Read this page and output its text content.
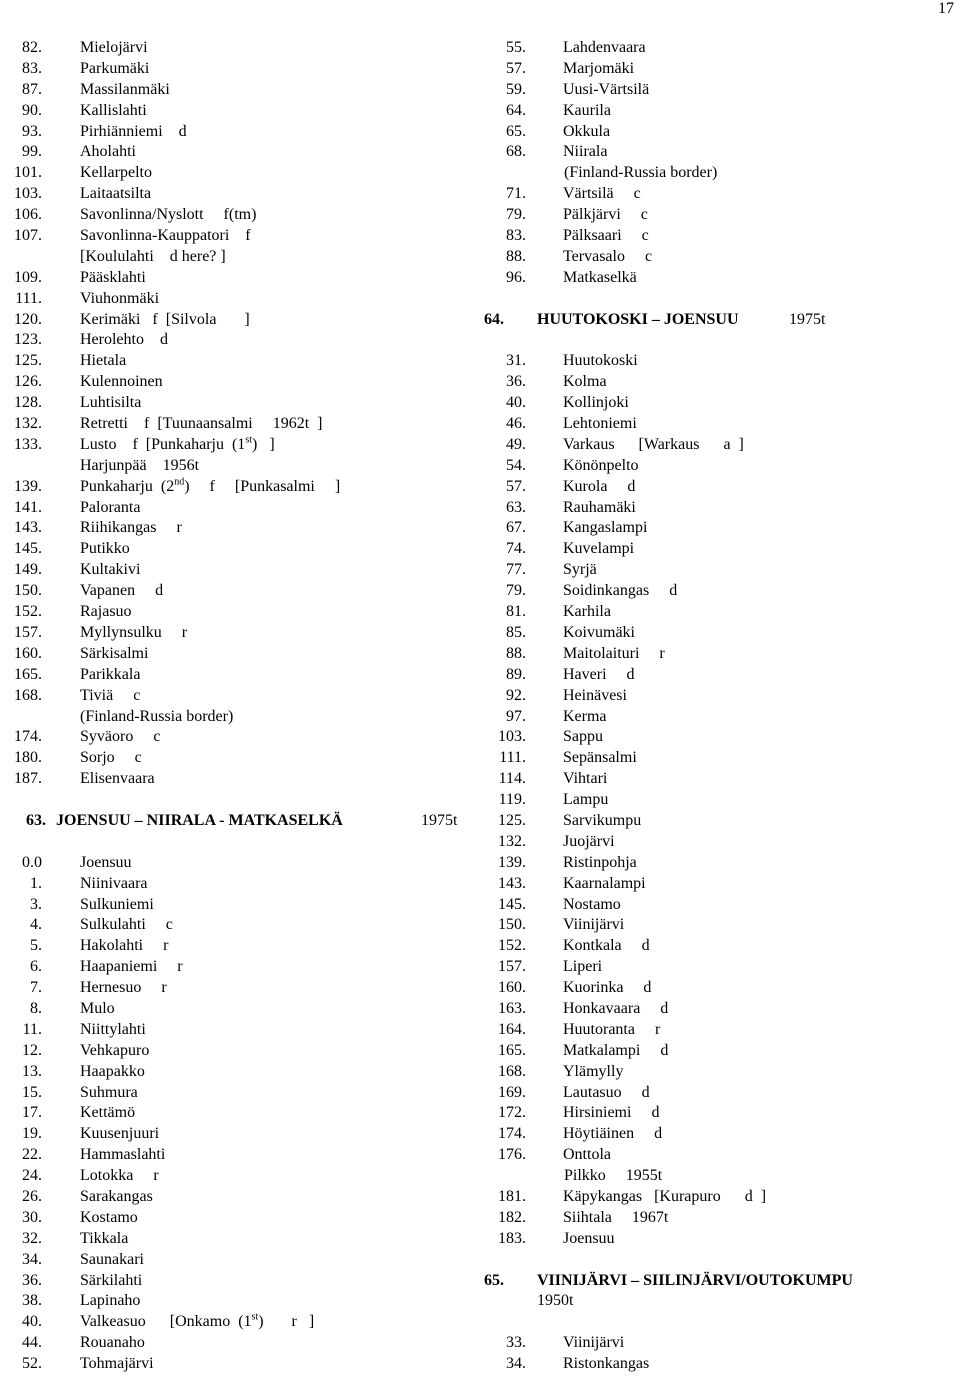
17
82. Mielojärvi
83. Parkumäki
87. Massilanmäki
90. Kallislahti
93. Pirhiänniemi    d
99. Aholahti
101. Kellarpelto
103. Laitaatsilta
106. Savonlinna/Nyslott     f(tm)
107. Savonlinna-Kauppatori    f
[Koululahti    d here? ]
109. Pääsklahti
111. Viuhonmäki
120. Kerimäki   f  [Silvola       ]
123. Herolehto    d
125. Hietala
126. Kulennoinen
128. Luhtisilta
132. Retretti    f  [Tuunaansalmi     1962t  ]
133. Lusto    f  [Punkaharju  (1st)   ]
Harjunpää    1956t
139. Punkaharju  (2nd)     f     [Punkasalmi     ]
141. Paloranta
143. Riihikangas     r
145. Putikko
149. Kultakivi
150. Vapanen     d
152. Rajasuo
157. Myllynsulku     r
160. Särkisalmi
165. Parikkala
168. Tiviä     c
(Finland-Russia border)
174. Syväoro     c
180. Sorjo     c
187. Elisenvaara
63. JOENSUU – NIIRALA - MATKASELKÄ	1975t
0.0 Joensuu
1. Niinivaara
3. Sulkuniemi
4. Sulkulahti     c
5. Hakolahti     r
6. Haapaniemi     r
7. Hernesuo     r
8. Mulo
11. Niittylahti
12. Vehkapuro
13. Haapakko
15. Suhmura
17. Kettämö
19. Kuusenjuuri
22. Hammaslahti
24. Lotokka     r
26. Sarakangas
30. Kostamo
32. Tikkala
34. Saunakari
36. Särkilahti
38. Lapinaho
40. Valkeasuo      [Onkamo  (1st)       r   ]
44. Rouanaho
52. Tohmajärvi
55. Lahdenvaara
57. Marjomäki
59. Uusi-Värtsilä
64. Kaurila
65. Okkula
68. Niirala
(Finland-Russia border)
71. Värtsilä     c
79. Pälkjärvi     c
83. Pälksaari     c
88. Tervasalo     c
96. Matkaselkä
64. HUUTOKOSKI – JOENSUU	1975t
31. Huutokoski
36. Kolma
40. Kollinjoki
46. Lehtoniemi
49. Varkaus      [Warkaus      a  ]
54. Könönpelto
57. Kurola     d
63. Rauhamäki
67. Kangaslampi
74. Kuvelampi
77. Syrjä
79. Soidinkangas     d
81. Karhila
85. Koivumäki
88. Maitolaituri     r
89. Haveri     d
92. Heinävesi
97. Kerma
103. Sappu
111. Sepänsalmi
114. Vihtari
119. Lampu
125. Sarvikumpu
132. Juojärvi
139. Ristinpohja
143. Kaarnalampi
145. Nostamo
150. Viinijärvi
152. Kontkala     d
157. Liperi
160. Kuorinka     d
163. Honkavaara     d
164. Huutoranta     r
165. Matkalampi     d
168. Ylämylly
169. Lautasuo     d
172. Hirsiniemi     d
174. Höytiäinen     d
176. Onttola
Pilkko     1955t
181. Käpykangas   [Kurapuro      d  ]
182. Siihtala     1967t
183. Joensuu
65. VIINIJÄRVI – SIILINJÄRVI/OUTOKUMPU
1950t
33. Viinijärvi
34. Ristonkangas
